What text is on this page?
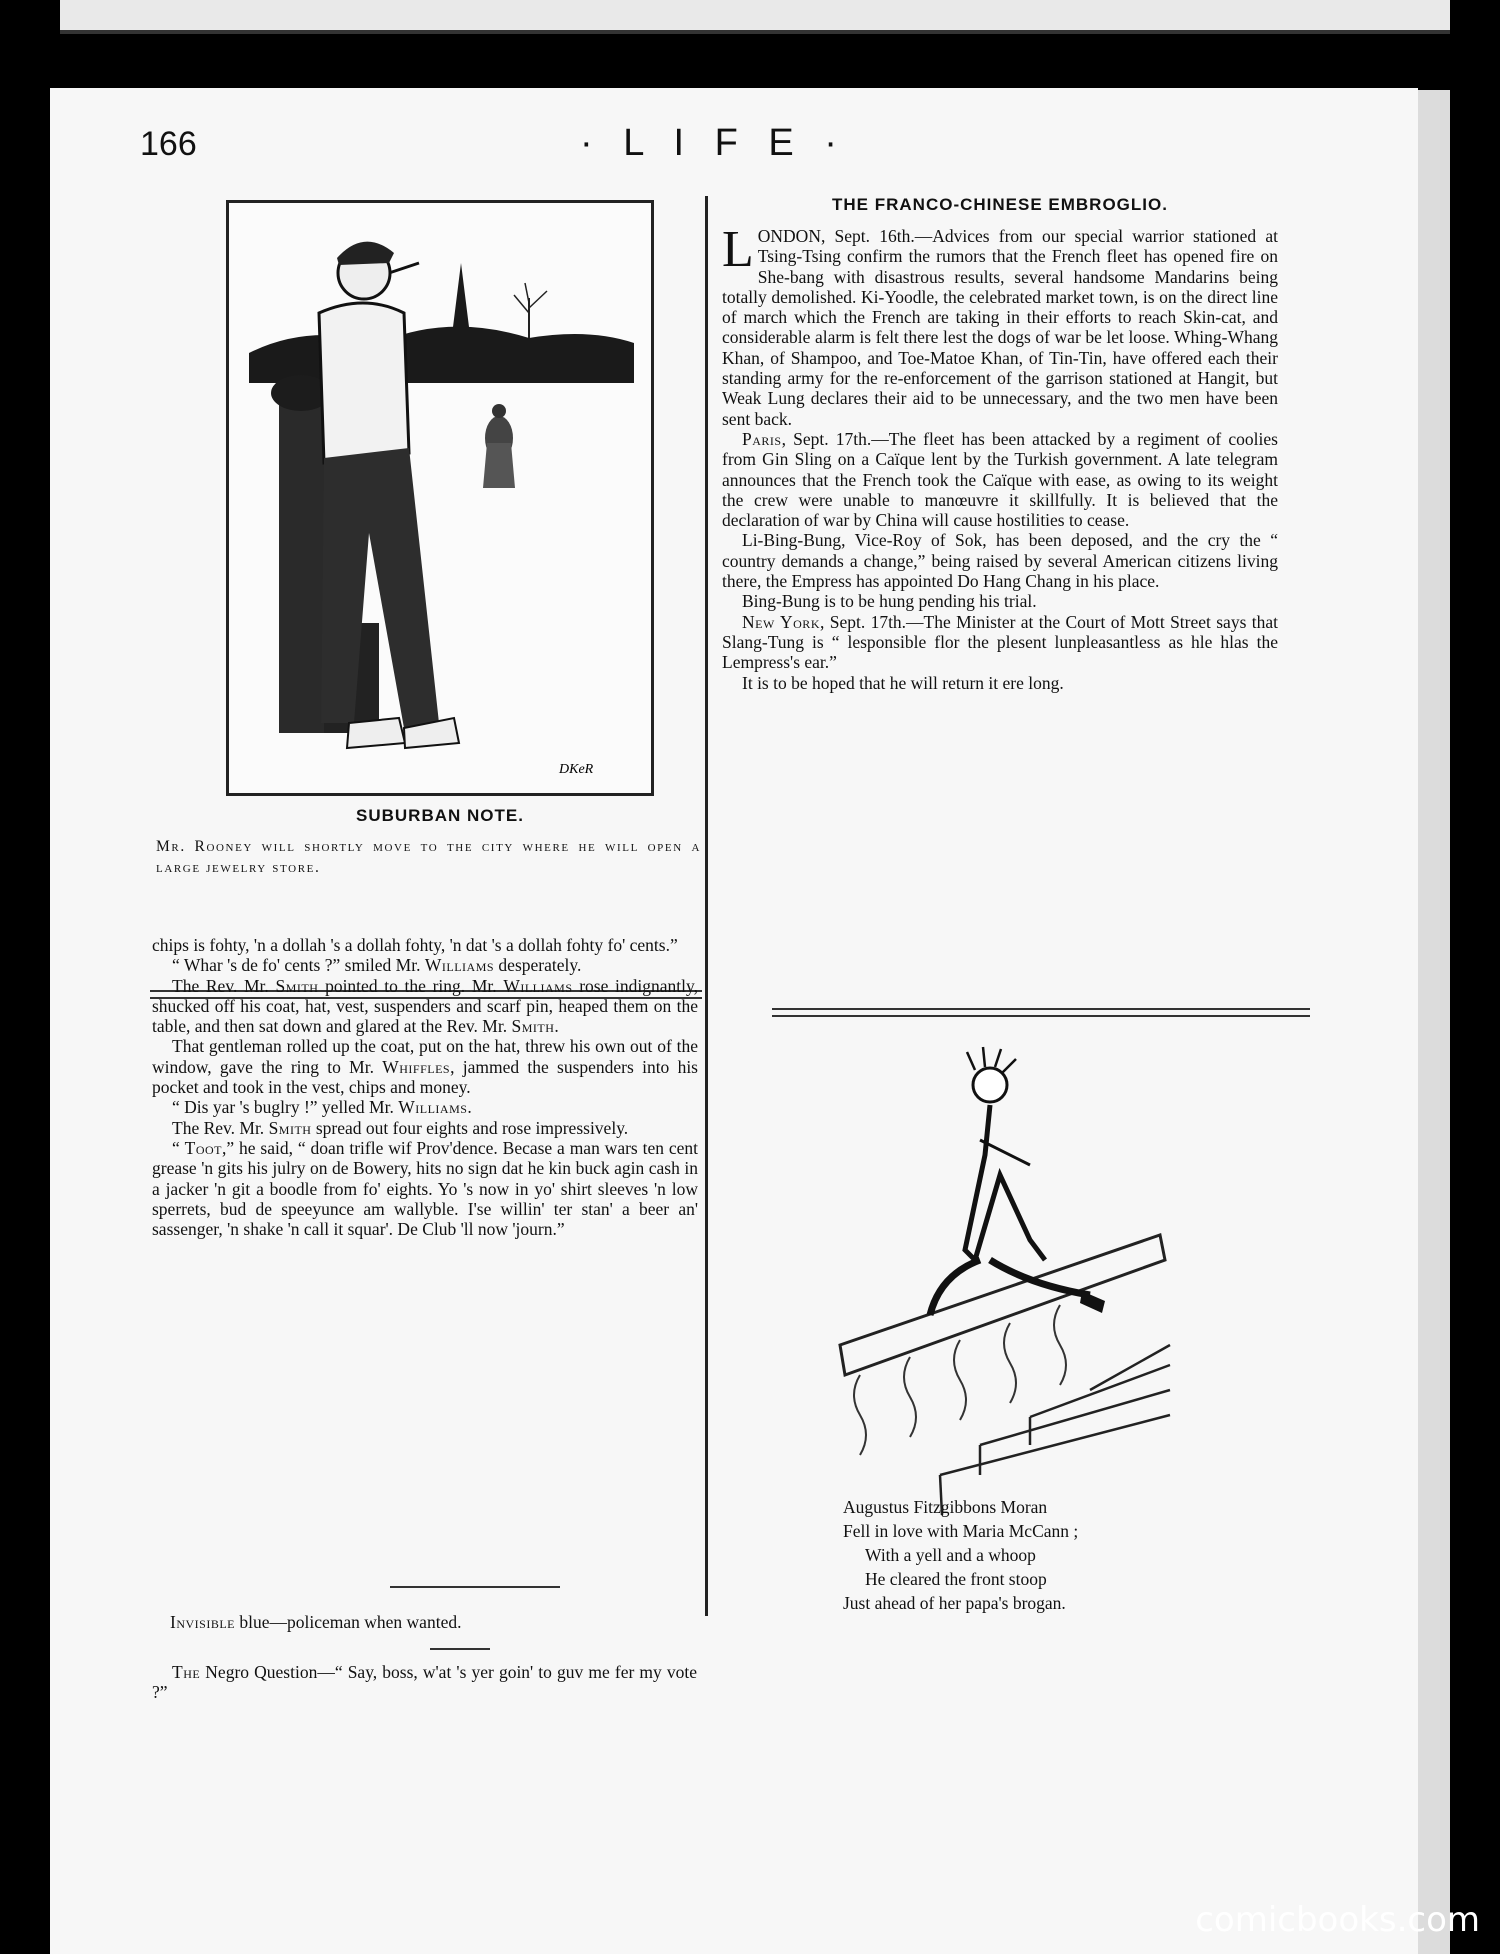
166	· L I F E ·
DKeR
SUBURBAN NOTE.
Mr. Rooney will shortly move to the city where he will open a large jewelry store.
THE FRANCO-CHINESE EMBROGLIO.

LONDON, Sept. 16th.—Advices from our special warrior stationed at Tsing-Tsing confirm the rumors that the French fleet has opened fire on She-bang with disastrous results, several handsome Mandarins being totally demolished. Ki-Yoodle, the celebrated market town, is on the direct line of march which the French are taking in their efforts to reach Skin-cat, and considerable alarm is felt there lest the dogs of war be let loose. Whing-Whang Khan, of Shampoo, and Toe-Matoe Khan, of Tin-Tin, have offered each their standing army for the re-enforcement of the garrison stationed at Hangit, but Weak Lung declares their aid to be unnecessary, and the two men have been sent back.

Paris, Sept. 17th.—The fleet has been attacked by a regiment of coolies from Gin Sling on a Caïque lent by the Turkish government. A late telegram announces that the French took the Caïque with ease, as owing to its weight the crew were unable to manœuvre it skillfully. It is believed that the declaration of war by China will cause hostilities to cease.

Li-Bing-Bung, Vice-Roy of Sok, has been deposed, and the cry the “ country demands a change,” being raised by several American citizens living there, the Empress has appointed Do Hang Chang in his place.

Bing-Bung is to be hung pending his trial.

New York, Sept. 17th.—The Minister at the Court of Mott Street says that Slang-Tung is “ lesponsible flor the plesent lunpleasantless as hle hlas the Lempress's ear.”

It is to be hoped that he will return it ere long.

Augustus Fitzgibbons Moran
Fell in love with Maria McCann ;
With a yell and a whoop
He cleared the front stoop
Just ahead of her papa's brogan.

chips is fohty, 'n a dollah 's a dollah fohty, 'n dat 's a dollah fohty fo' cents.”

“ Whar 's de fo' cents ?” smiled Mr. Williams desperately.

The Rev. Mr. Smith pointed to the ring. Mr. Williams rose indignantly, shucked off his coat, hat, vest, suspenders and scarf pin, heaped them on the table, and then sat down and glared at the Rev. Mr. Smith.

That gentleman rolled up the coat, put on the hat, threw his own out of the window, gave the ring to Mr. Whiffles, jammed the suspenders into his pocket and took in the vest, chips and money.

“ Dis yar 's buglry !” yelled Mr. Williams.

The Rev. Mr. Smith spread out four eights and rose impressively.

“ Toot,” he said, “ doan trifle wif Prov'dence. Becase a man wars ten cent grease 'n gits his julry on de Bowery, hits no sign dat he kin buck agin cash in a jacker 'n git a boodle from fo' eights. Yo 's now in yo' shirt sleeves 'n low sperrets, bud de speeyunce am wallyble. I'se willin' ter stan' a beer an' sassenger, 'n shake 'n call it squar'. De Club 'll now 'journ.”

Invisible blue—policeman when wanted.
The Negro Question—“ Say, boss, w'at 's yer goin' to guv me fer my vote ?”
comicbooks.com
